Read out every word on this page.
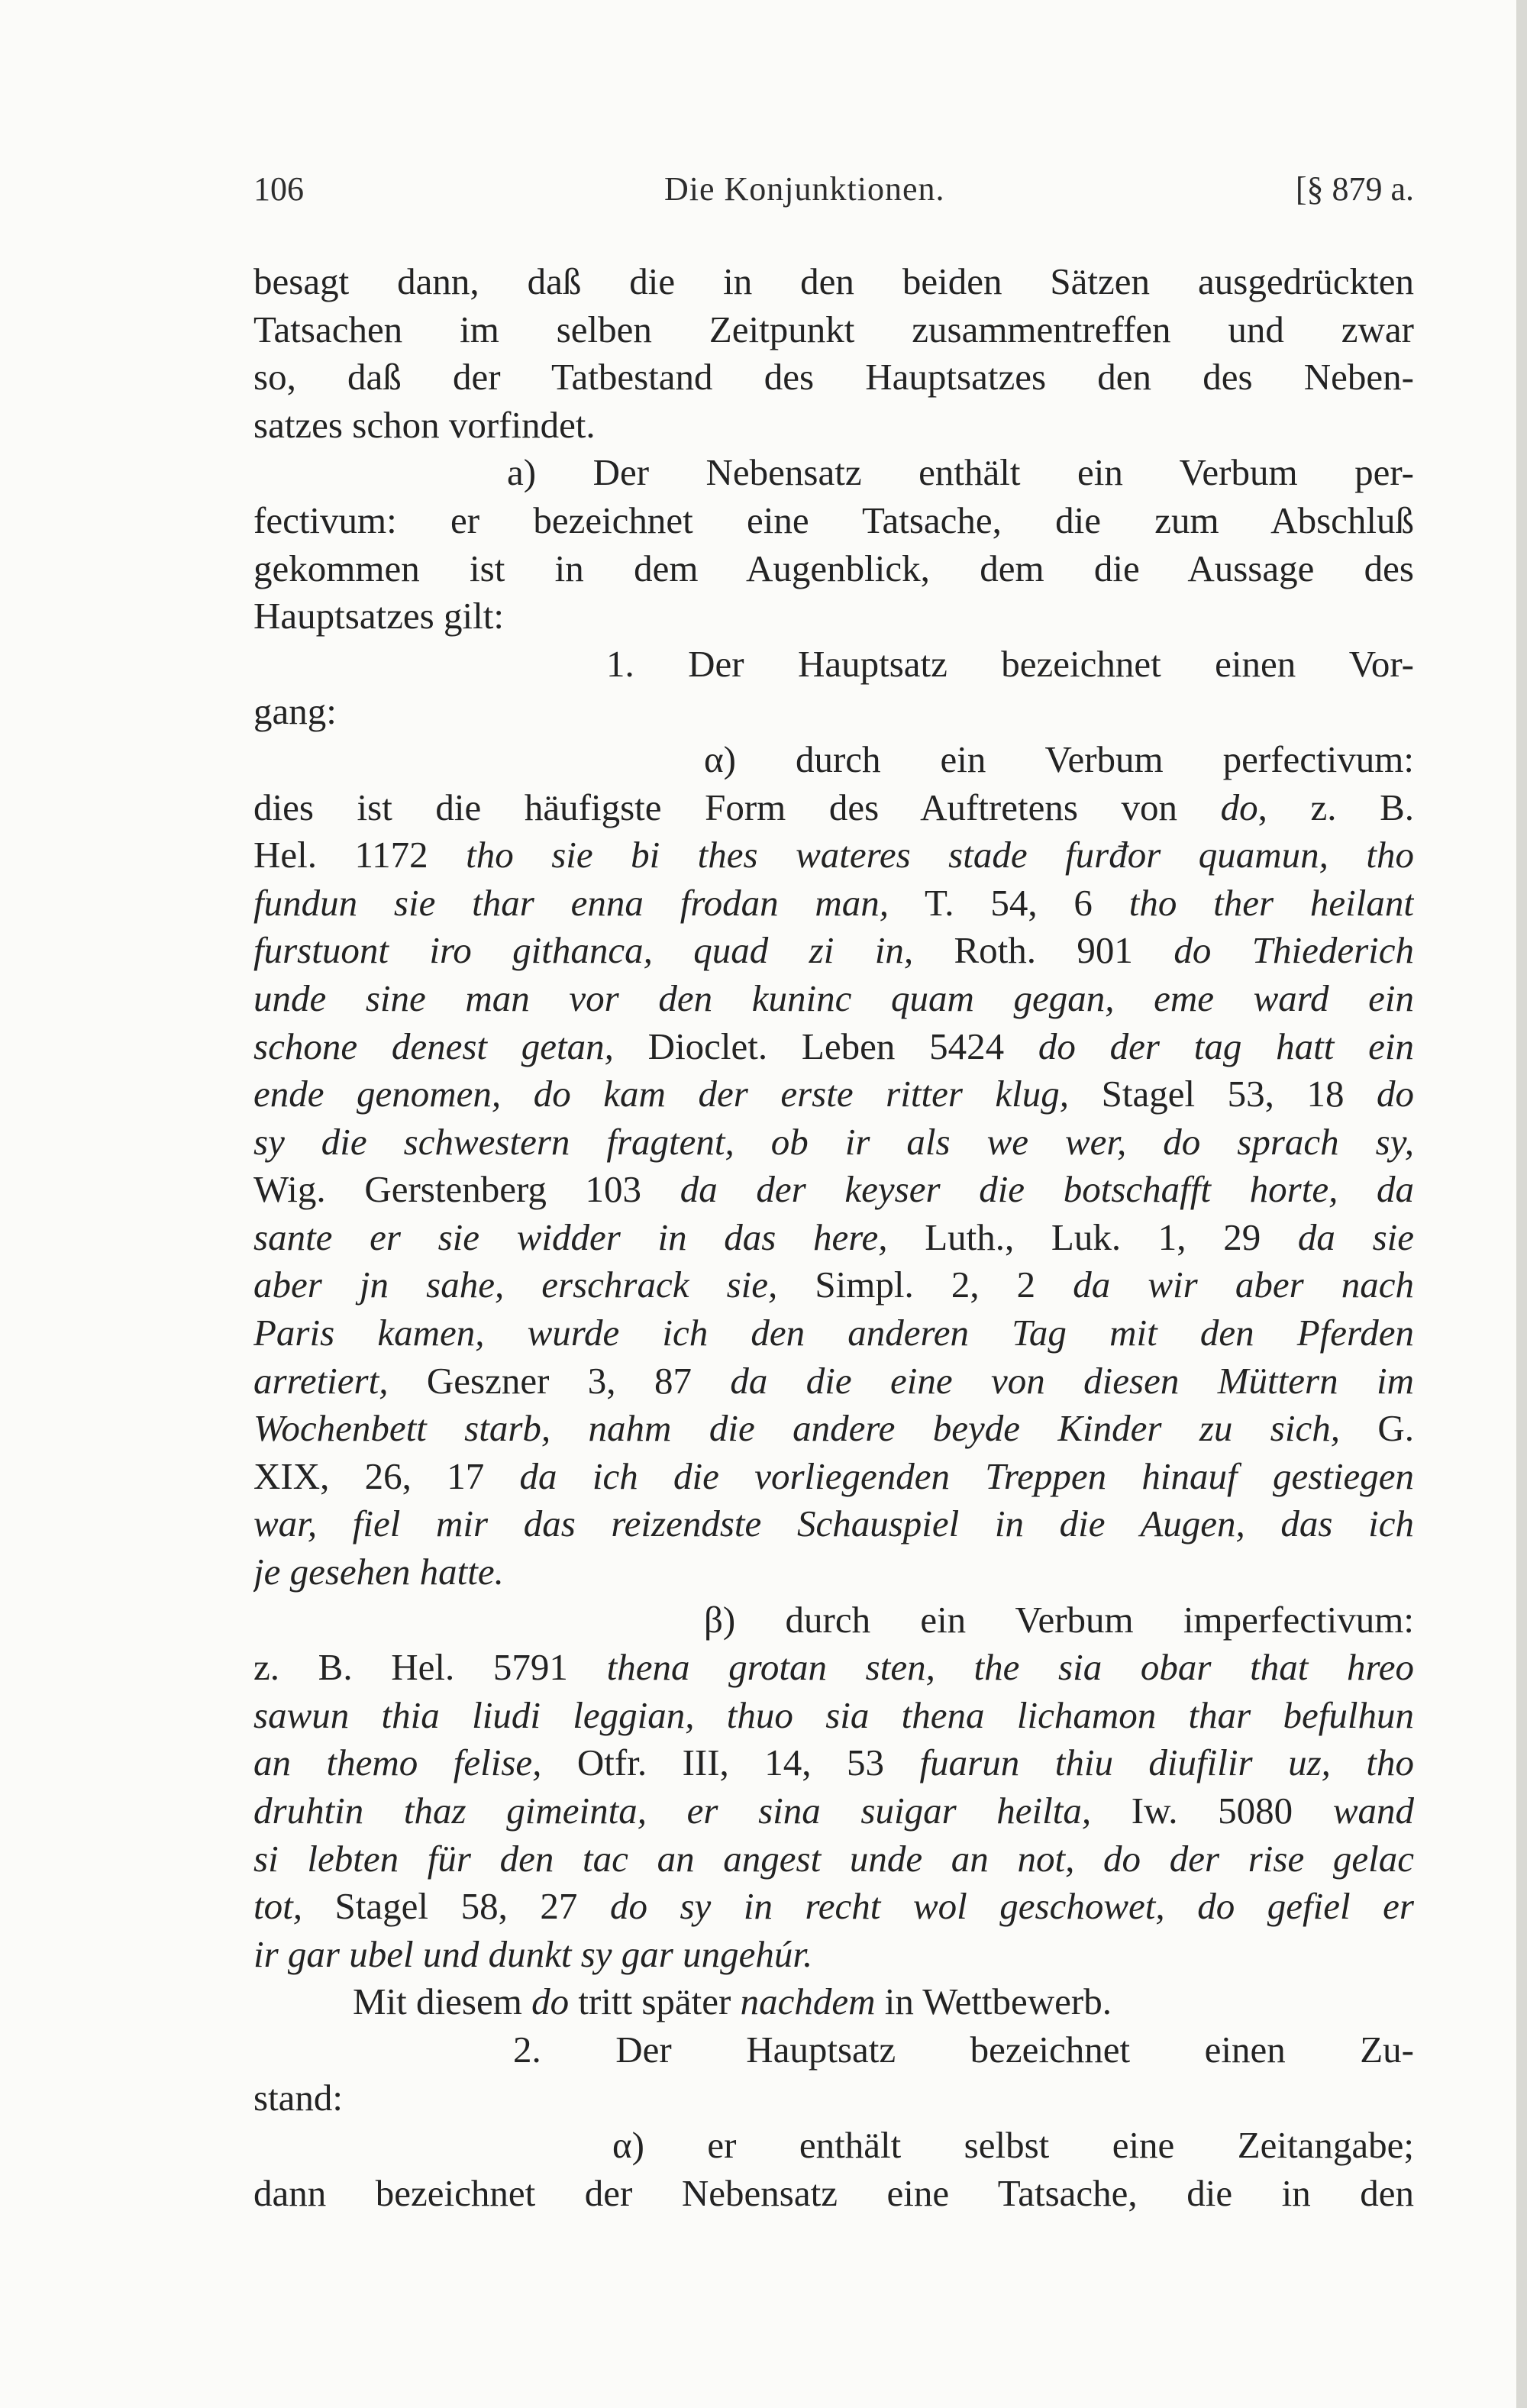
106	Die Konjunktionen.	[§ 879 a.
besagt dann, daß die in den beiden Sätzen ausgedrückten
Tatsachen im selben Zeitpunkt zusammentreffen und zwar
so, daß der Tatbestand des Hauptsatzes den des Neben-
satzes schon vorfindet.
a) Der Nebensatz enthält ein Verbum per-
fectivum: er bezeichnet eine Tatsache, die zum Abschluß
gekommen ist in dem Augenblick, dem die Aussage des
Hauptsatzes gilt:
1. Der Hauptsatz bezeichnet einen Vor-
gang:
α) durch ein Verbum perfectivum:
dies ist die häufigste Form des Auftretens von do, z. B.
Hel. 1172 tho sie bi thes wateres stade furđor quamun, tho
fundun sie thar enna frodan man, T. 54, 6 tho ther heilant
furstuont iro githanca, quad zi in, Roth. 901 do Thiederich
unde sine man vor den kuninc quam gegan, eme ward ein
schone denest getan, Dioclet. Leben 5424 do der tag hatt ein
ende genomen, do kam der erste ritter klug, Stagel 53, 18 do
sy die schwestern fragtent, ob ir als we wer, do sprach sy,
Wig. Gerstenberg 103 da der keyser die botschafft horte, da
sante er sie widder in das here, Luth., Luk. 1, 29 da sie
aber jn sahe, erschrack sie, Simpl. 2, 2 da wir aber nach
Paris kamen, wurde ich den anderen Tag mit den Pferden
arretiert, Geszner 3, 87 da die eine von diesen Müttern im
Wochenbett starb, nahm die andere beyde Kinder zu sich, G.
XIX, 26, 17 da ich die vorliegenden Treppen hinauf gestiegen
war, fiel mir das reizendste Schauspiel in die Augen, das ich
je gesehen hatte.
β) durch ein Verbum imperfectivum:
z. B. Hel. 5791 thena grotan sten, the sia obar that hreo
sawun thia liudi leggian, thuo sia thena lichamon thar befulhun
an themo felise, Otfr. III, 14, 53 fuarun thiu diufilir uz, tho
druhtin thaz gimeinta, er sina suigar heilta, Iw. 5080 wand
si lebten für den tac an angest unde an not, do der rise gelac
tot, Stagel 58, 27 do sy in recht wol geschowet, do gefiel er
ir gar ubel und dunkt sy gar ungehúr.
Mit diesem do tritt später nachdem in Wettbewerb.
2. Der Hauptsatz bezeichnet einen Zu-
stand:
α) er enthält selbst eine Zeitangabe;
dann bezeichnet der Nebensatz eine Tatsache, die in den
